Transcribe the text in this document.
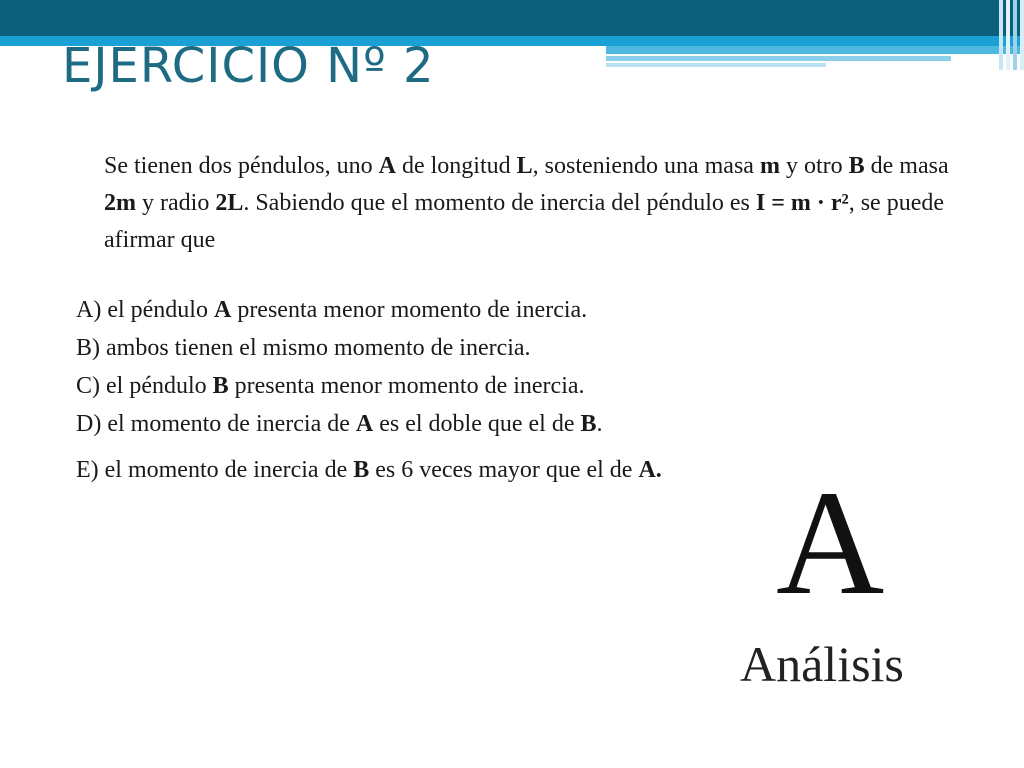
EJERCICIO Nº 2

Se tienen dos péndulos, uno A de longitud L, sosteniendo una masa m y otro B de masa 2m y radio 2L. Sabiendo que el momento de inercia del péndulo es I = m · r², se puede afirmar que

A) el péndulo A presenta menor momento de inercia.
B) ambos tienen el mismo momento de inercia.
C) el péndulo B presenta menor momento de inercia.
D) el momento de inercia de A es el doble que el de B.
E) el momento de inercia de B es 6 veces mayor que el de A. A
Análisis
